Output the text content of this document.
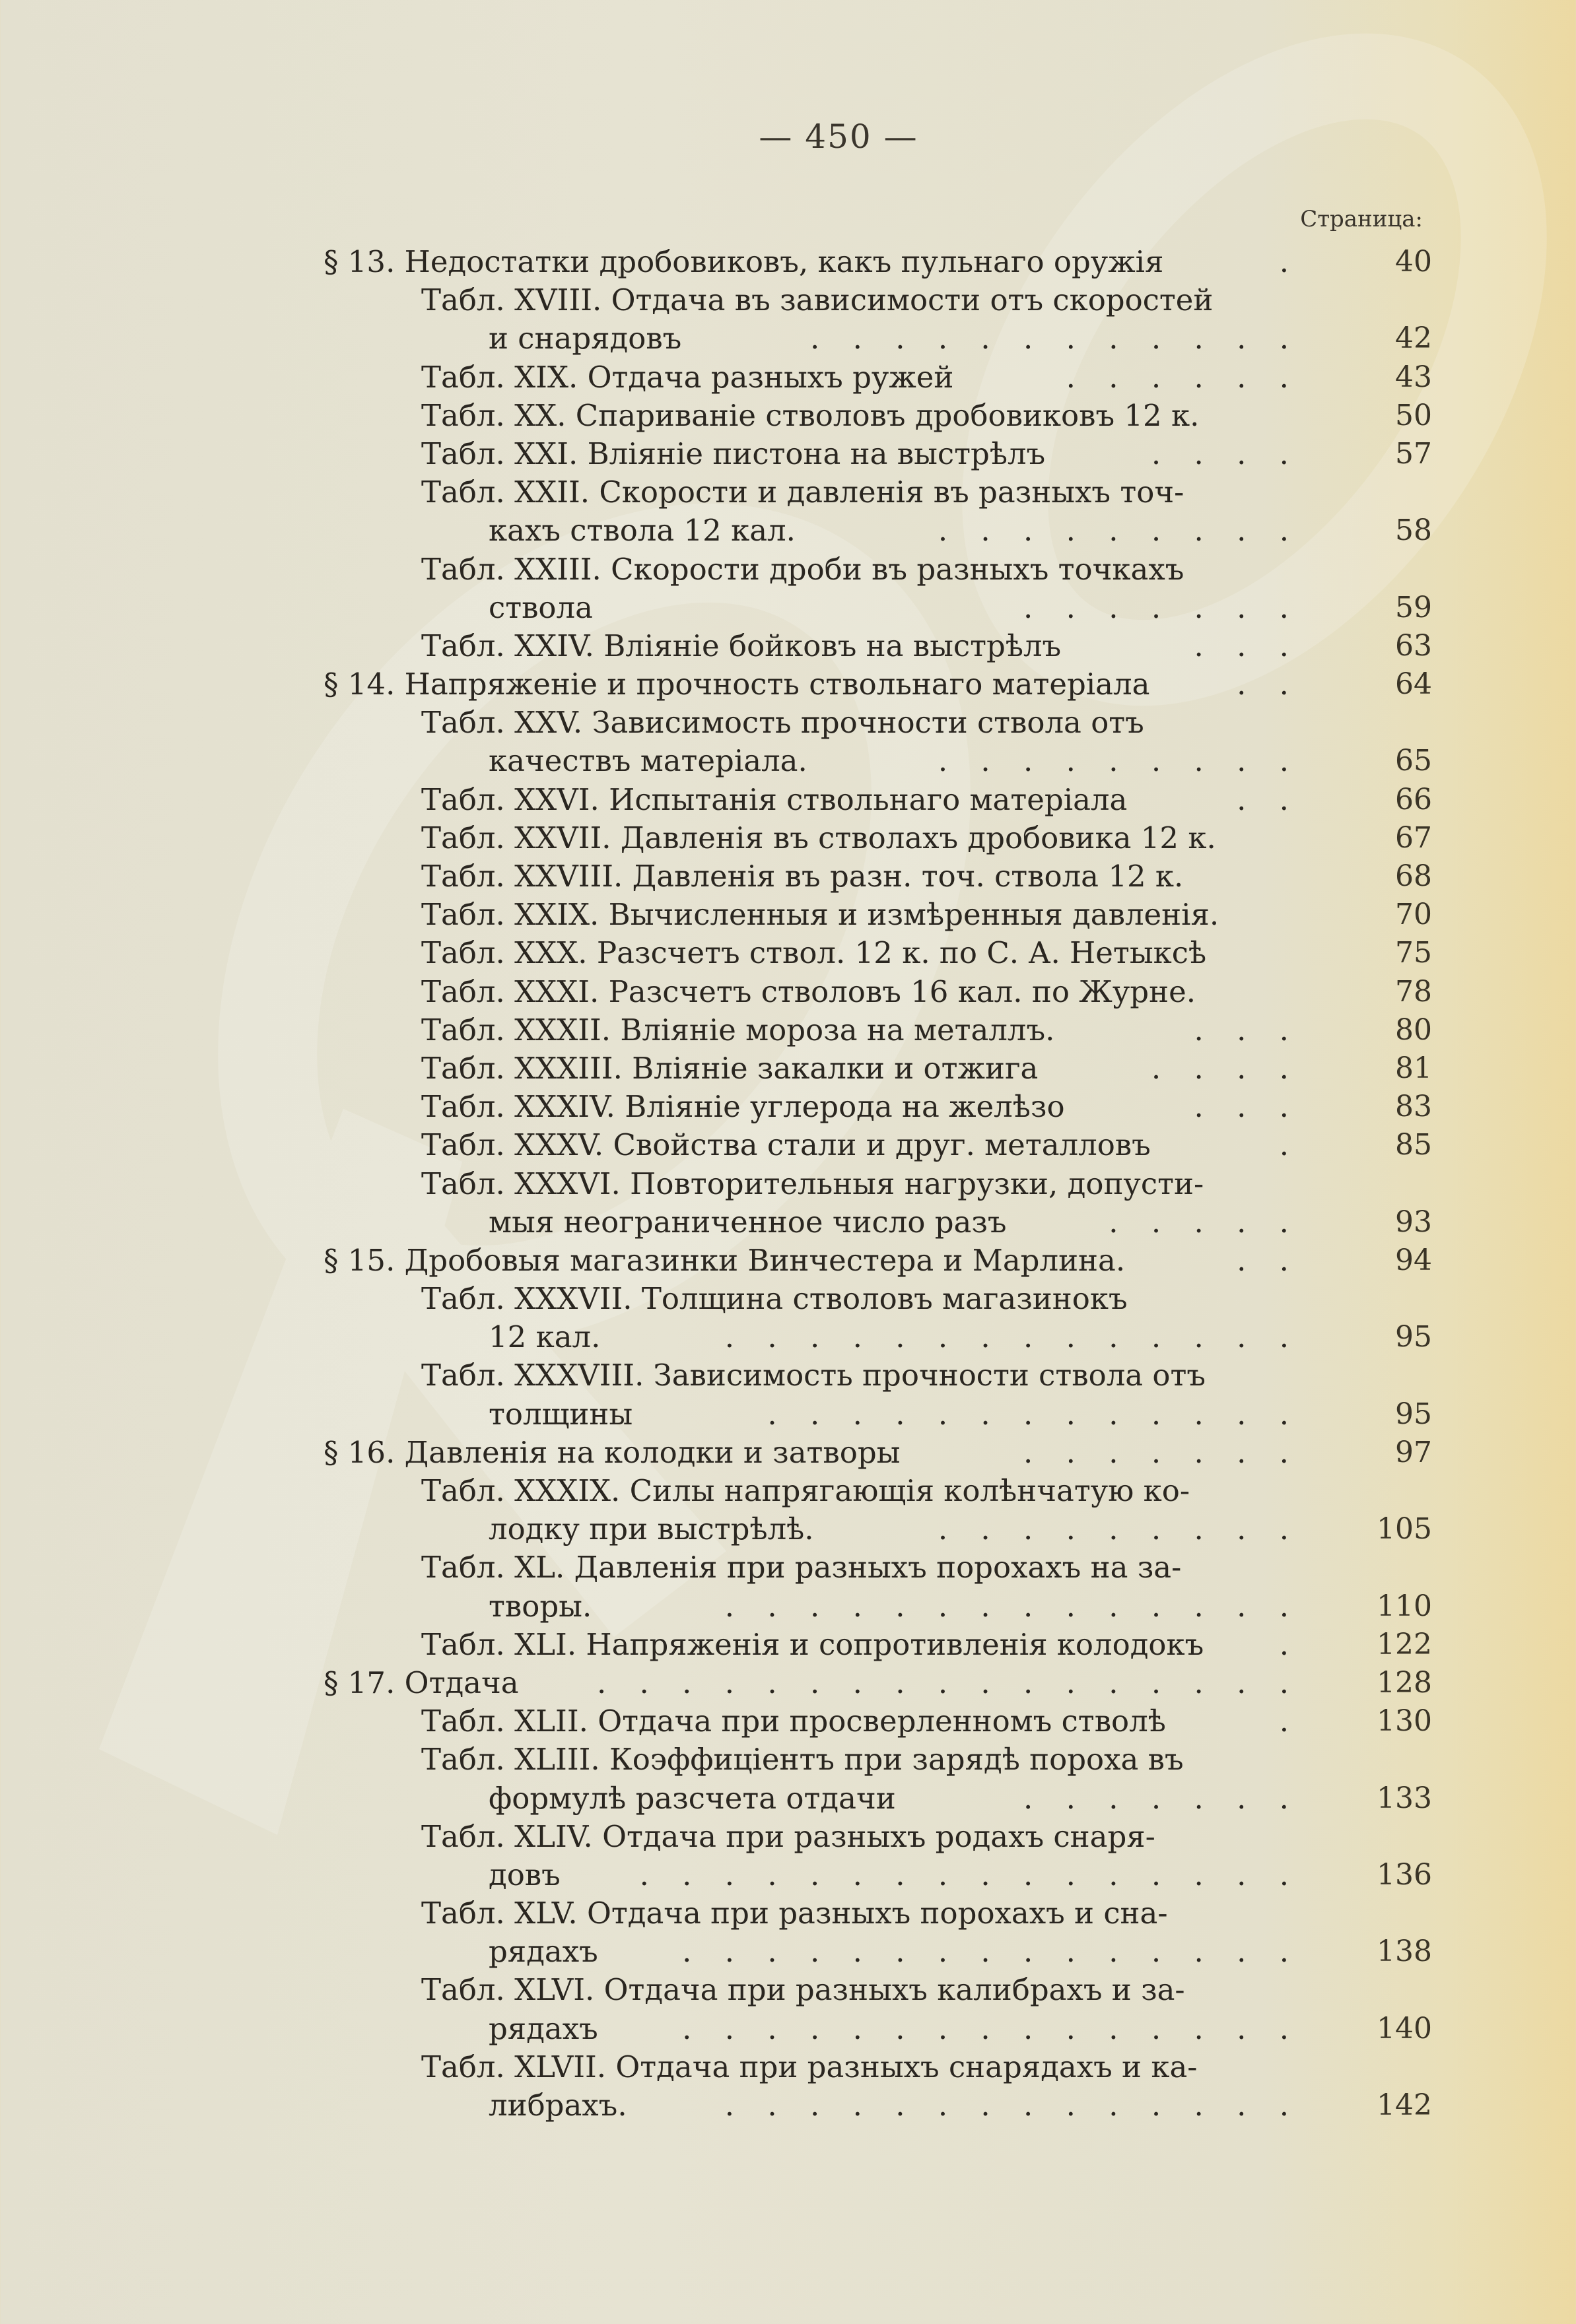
— 450 —
Страница:
§ 13. Недостатки дробовиковъ, какъ пульнаго оружія	.	40
Табл. XVIII. Отдача въ зависимости отъ скоростей
и снарядовъ	. . . . . . . . . . . .	42
Табл. XIX. Отдача разныхъ ружей	. . . . . .	43
Табл. XX. Спариваніе стволовъ дробовиковъ 12 к.	50
Табл. XXI. Вліяніе пистона на выстрѣлъ	. . . .	57
Табл. XXII. Скорости и давленія въ разныхъ точ-
кахъ ствола 12 кал.	. . . . . . . . .	58
Табл. XXIII. Скорости дроби въ разныхъ точкахъ
ствола	. . . . . . .	59
Табл. XXIV. Вліяніе бойковъ на выстрѣлъ	. . .	63
§ 14. Напряженіе и прочность ствольнаго матеріала	. .	64
Табл. XXV. Зависимость прочности ствола отъ
качествъ матеріала.	. . . . . . . . .	65
Табл. XXVI. Испытанія ствольнаго матеріала	. .	66
Табл. XXVII. Давленія въ стволахъ дробовика 12 к.	67
Табл. XXVIII. Давленія въ разн. точ. ствола 12 к.	68
Табл. XXIX. Вычисленныя и измѣренныя давленія.	70
Табл. XXX. Разсчетъ ствол. 12 к. по С. А. Нетыксѣ	75
Табл. XXXI. Разсчетъ стволовъ 16 кал. по Журне.	78
Табл. XXXII. Вліяніе мороза на металлъ.	. . .	80
Табл. XXXIII. Вліяніе закалки и отжига	. . . .	81
Табл. XXXIV. Вліяніе углерода на желѣзо	. . .	83
Табл. XXXV. Свойства стали и друг. металловъ	.	85
Табл. XXXVI. Повторительныя нагрузки, допусти-
мыя неограниченное число разъ	. . . . .	93
§ 15. Дробовыя магазинки Винчестера и Марлина.	. .	94
Табл. XXXVII. Толщина стволовъ магазинокъ
12 кал.	. . . . . . . . . . . . . .	95
Табл. XXXVIII. Зависимость прочности ствола отъ
толщины	. . . . . . . . . . . . .	95
§ 16. Давленія на колодки и затворы	. . . . . . .	97
Табл. XXXIX. Силы напрягающія колѣнчатую ко-
лодку при выстрѣлѣ.	. . . . . . . . .	105
Табл. XL. Давленія при разныхъ порохахъ на за-
творы.	. . . . . . . . . . . . . .	110
Табл. XLI. Напряженія и сопротивленія колодокъ	.	122
§ 17. Отдача	. . . . . . . . . . . . . . . . .	128
Табл. XLII. Отдача при просверленномъ стволѣ	.	130
Табл. XLIII. Коэффиціентъ при зарядѣ пороха въ
формулѣ разсчета отдачи	. . . . . . .	133
Табл. XLIV. Отдача при разныхъ родахъ снаря-
довъ	. . . . . . . . . . . . . . . .	136
Табл. XLV. Отдача при разныхъ порохахъ и сна-
рядахъ	. . . . . . . . . . . . . . .	138
Табл. XLVI. Отдача при разныхъ калибрахъ и за-
рядахъ	. . . . . . . . . . . . . . .	140
Табл. XLVII. Отдача при разныхъ снарядахъ и ка-
либрахъ.	. . . . . . . . . . . . . .	142
